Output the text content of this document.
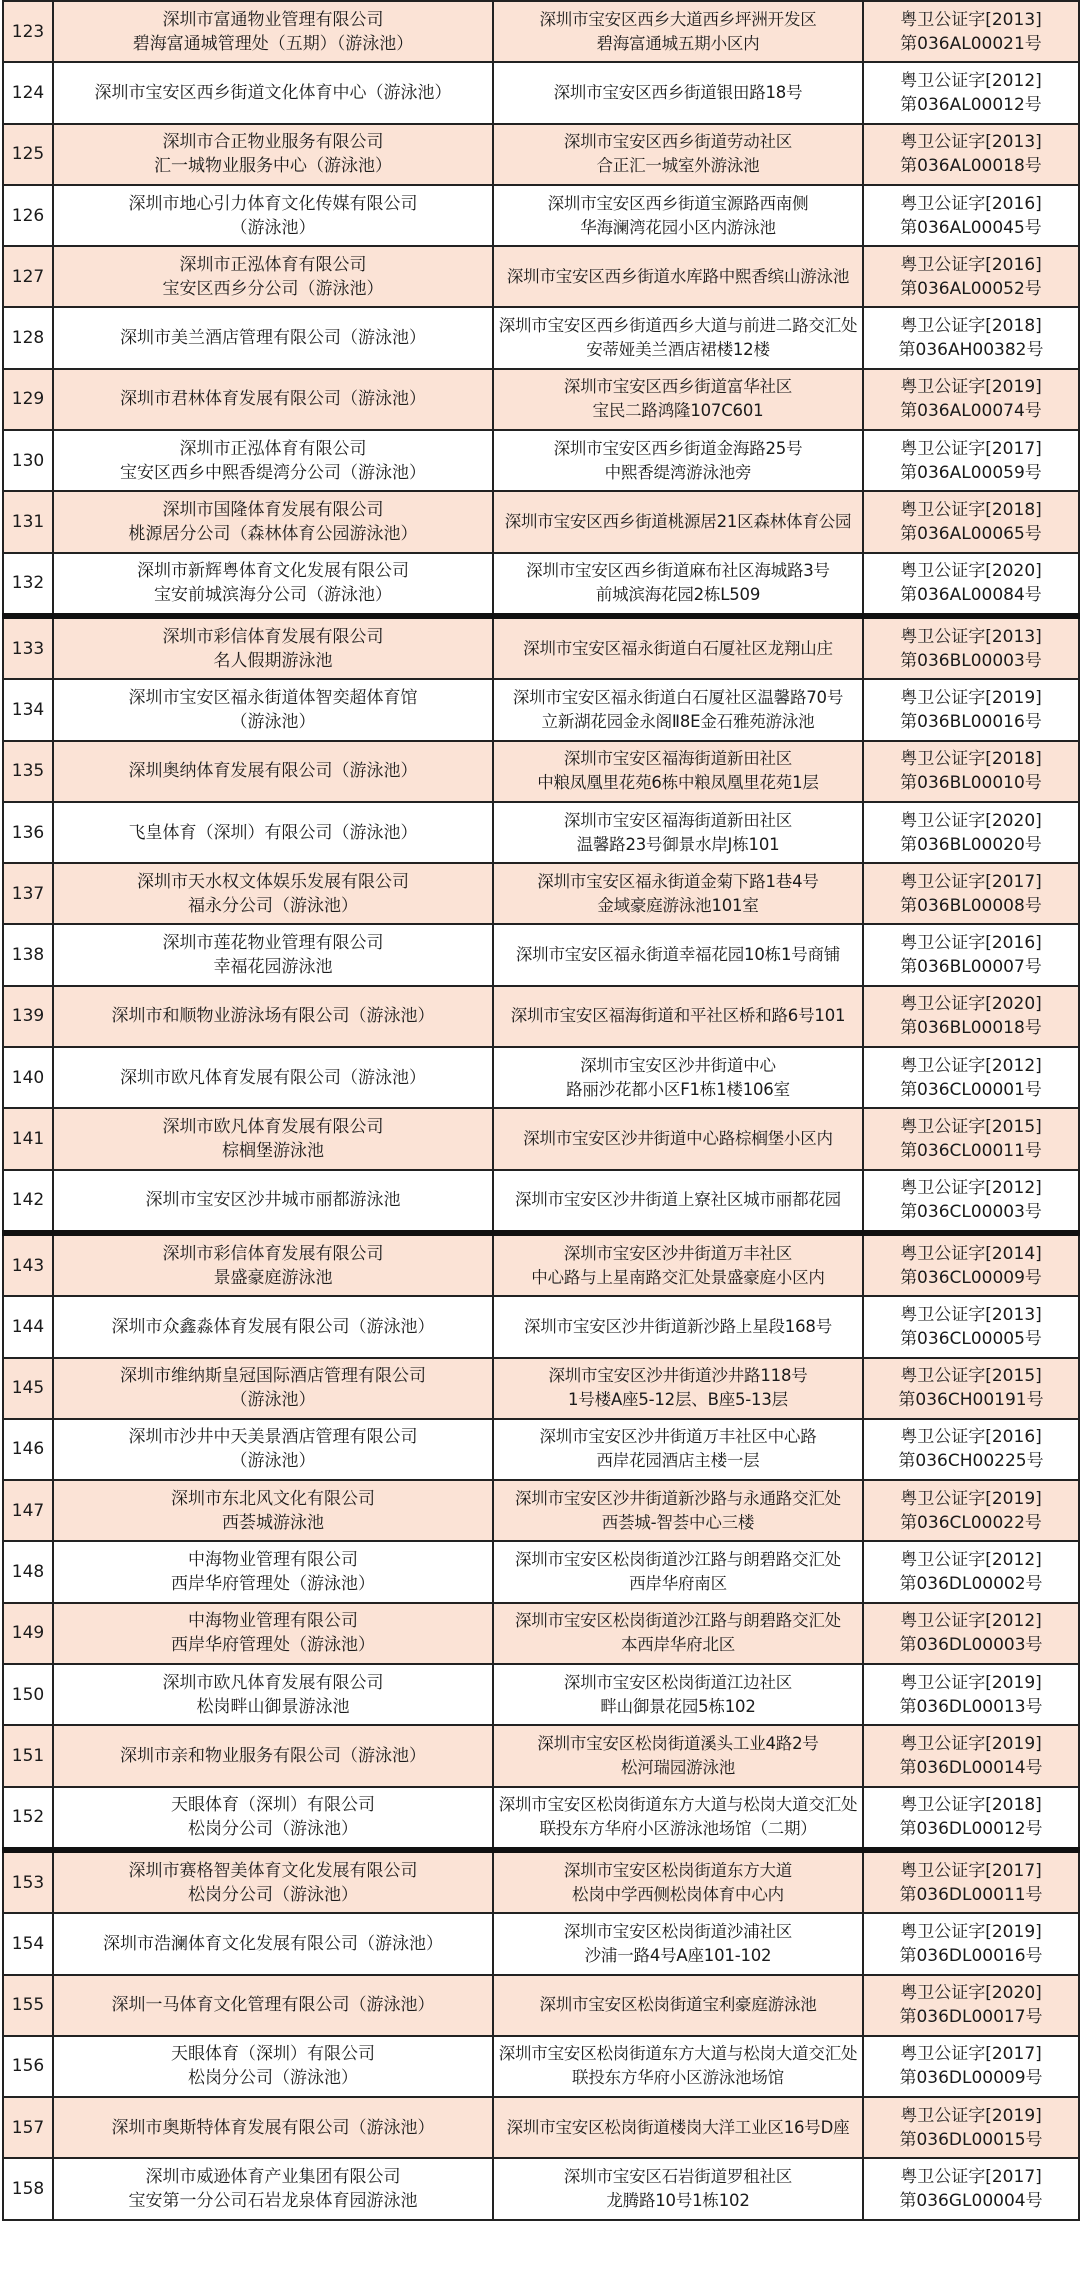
123	深圳市富通物业管理有限公司
碧海富通城管理处（五期）（游泳池）	深圳市宝安区西乡大道西乡坪洲开发区
碧海富通城五期小区内	粤卫公证字[2013]
第036AL00021号

124	深圳市宝安区西乡街道文化体育中心（游泳池）	深圳市宝安区西乡街道银田路18号	粤卫公证字[2012]
第036AL00012号

125	深圳市合正物业服务有限公司
汇一城物业服务中心（游泳池）	深圳市宝安区西乡街道劳动社区
合正汇一城室外游泳池	粤卫公证字[2013]
第036AL00018号

126	深圳市地心引力体育文化传媒有限公司
（游泳池）	深圳市宝安区西乡街道宝源路西南侧
华海澜湾花园小区内游泳池	粤卫公证字[2016]
第036AL00045号

127	深圳市正泓体育有限公司
宝安区西乡分公司（游泳池）	深圳市宝安区西乡街道水库路中熙香缤山游泳池	粤卫公证字[2016]
第036AL00052号

128	深圳市美兰酒店管理有限公司（游泳池）	深圳市宝安区西乡街道西乡大道与前进二路交汇处
安蒂娅美兰酒店裙楼12楼	粤卫公证字[2018]
第036AH00382号

129	深圳市君林体育发展有限公司（游泳池）	深圳市宝安区西乡街道富华社区
宝民二路鸿隆107C601	粤卫公证字[2019]
第036AL00074号

130	深圳市正泓体育有限公司
宝安区西乡中熙香缇湾分公司（游泳池）	深圳市宝安区西乡街道金海路25号
中熙香缇湾游泳池旁	粤卫公证字[2017]
第036AL00059号

131	深圳市国隆体育发展有限公司
桃源居分公司（森林体育公园游泳池）	深圳市宝安区西乡街道桃源居21区森林体育公园	粤卫公证字[2018]
第036AL00065号

132	深圳市新辉粤体育文化发展有限公司
宝安前城滨海分公司（游泳池）	深圳市宝安区西乡街道麻布社区海城路3号
前城滨海花园2栋L509	粤卫公证字[2020]
第036AL00084号

133	深圳市彩信体育发展有限公司
名人假期游泳池	深圳市宝安区福永街道白石厦社区龙翔山庄	粤卫公证字[2013]
第036BL00003号

134	深圳市宝安区福永街道体智奕超体育馆
（游泳池）	深圳市宝安区福永街道白石厦社区温馨路70号
立新湖花园金永阁Ⅱ8E金石雅苑游泳池	粤卫公证字[2019]
第036BL00016号

135	深圳奥纳体育发展有限公司（游泳池）	深圳市宝安区福海街道新田社区
中粮凤凰里花苑6栋中粮凤凰里花苑1层	粤卫公证字[2018]
第036BL00010号

136	飞皇体育（深圳）有限公司（游泳池）	深圳市宝安区福海街道新田社区
温馨路23号御景水岸J栋101	粤卫公证字[2020]
第036BL00020号

137	深圳市天水权文体娱乐发展有限公司
福永分公司（游泳池）	深圳市宝安区福永街道金菊下路1巷4号
金域豪庭游泳池101室	粤卫公证字[2017]
第036BL00008号

138	深圳市莲花物业管理有限公司
幸福花园游泳池	深圳市宝安区福永街道幸福花园10栋1号商铺	粤卫公证字[2016]
第036BL00007号

139	深圳市和顺物业游泳场有限公司（游泳池）	深圳市宝安区福海街道和平社区桥和路6号101	粤卫公证字[2020]
第036BL00018号

140	深圳市欧凡体育发展有限公司（游泳池）	深圳市宝安区沙井街道中心
路丽沙花都小区F1栋1楼106室	粤卫公证字[2012]
第036CL00001号

141	深圳市欧凡体育发展有限公司
棕榈堡游泳池	深圳市宝安区沙井街道中心路棕榈堡小区内	粤卫公证字[2015]
第036CL00011号

142	深圳市宝安区沙井城市丽都游泳池	深圳市宝安区沙井街道上寮社区城市丽都花园	粤卫公证字[2012]
第036CL00003号

143	深圳市彩信体育发展有限公司
景盛豪庭游泳池	深圳市宝安区沙井街道万丰社区
中心路与上星南路交汇处景盛豪庭小区内	粤卫公证字[2014]
第036CL00009号

144	深圳市众鑫淼体育发展有限公司（游泳池）	深圳市宝安区沙井街道新沙路上星段168号	粤卫公证字[2013]
第036CL00005号

145	深圳市维纳斯皇冠国际酒店管理有限公司
（游泳池）	深圳市宝安区沙井街道沙井路118号
1号楼A座5-12层、B座5-13层	粤卫公证字[2015]
第036CH00191号

146	深圳市沙井中天美景酒店管理有限公司
（游泳池）	深圳市宝安区沙井街道万丰社区中心路
西岸花园酒店主楼一层	粤卫公证字[2016]
第036CH00225号

147	深圳市东北风文化有限公司
西荟城游泳池	深圳市宝安区沙井街道新沙路与永通路交汇处
西荟城-智荟中心三楼	粤卫公证字[2019]
第036CL00022号

148	中海物业管理有限公司
西岸华府管理处（游泳池）	深圳市宝安区松岗街道沙江路与朗碧路交汇处
西岸华府南区	粤卫公证字[2012]
第036DL00002号

149	中海物业管理有限公司
西岸华府管理处（游泳池）	深圳市宝安区松岗街道沙江路与朗碧路交汇处
本西岸华府北区	粤卫公证字[2012]
第036DL00003号

150	深圳市欧凡体育发展有限公司
松岗畔山御景游泳池	深圳市宝安区松岗街道江边社区
畔山御景花园5栋102	粤卫公证字[2019]
第036DL00013号

151	深圳市亲和物业服务有限公司（游泳池）	深圳市宝安区松岗街道溪头工业4路2号
松河瑞园游泳池	粤卫公证字[2019]
第036DL00014号

152	天眼体育（深圳）有限公司
松岗分公司（游泳池）	深圳市宝安区松岗街道东方大道与松岗大道交汇处
联投东方华府小区游泳池场馆（二期）	粤卫公证字[2018]
第036DL00012号

153	深圳市赛格智美体育文化发展有限公司
松岗分公司（游泳池）	深圳市宝安区松岗街道东方大道
松岗中学西侧松岗体育中心内	粤卫公证字[2017]
第036DL00011号

154	深圳市浩澜体育文化发展有限公司（游泳池）	深圳市宝安区松岗街道沙浦社区
沙浦一路4号A座101-102	粤卫公证字[2019]
第036DL00016号

155	深圳一马体育文化管理有限公司（游泳池）	深圳市宝安区松岗街道宝利豪庭游泳池	粤卫公证字[2020]
第036DL00017号

156	天眼体育（深圳）有限公司
松岗分公司（游泳池）	深圳市宝安区松岗街道东方大道与松岗大道交汇处
联投东方华府小区游泳池场馆	粤卫公证字[2017]
第036DL00009号

157	深圳市奥斯特体育发展有限公司（游泳池）	深圳市宝安区松岗街道楼岗大洋工业区16号D座	粤卫公证字[2019]
第036DL00015号

158	深圳市威逊体育产业集团有限公司
宝安第一分公司石岩龙泉体育园游泳池	深圳市宝安区石岩街道罗租社区
龙腾路10号1栋102	粤卫公证字[2017]
第036GL00004号
